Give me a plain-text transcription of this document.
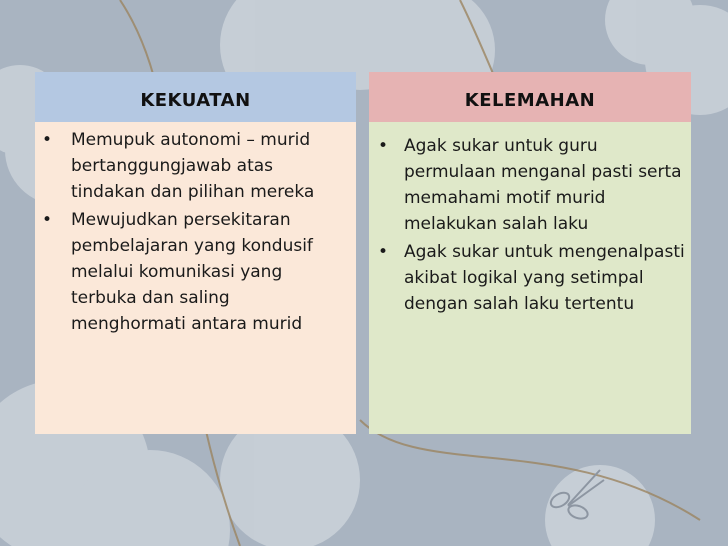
KEKUATAN
• Memupuk autonomi – murid bertanggungjawab atas tindakan dan pilihan mereka
• Mewujudkan persekitaran pembelajaran yang kondusif melalui komunikasi yang terbuka dan saling menghormati antara murid
KELEMAHAN
• Agak sukar untuk guru permulaan menganal pasti serta memahami motif murid melakukan salah laku
• Agak sukar untuk mengenalpasti akibat logikal yang setimpal dengan salah laku tertentu
